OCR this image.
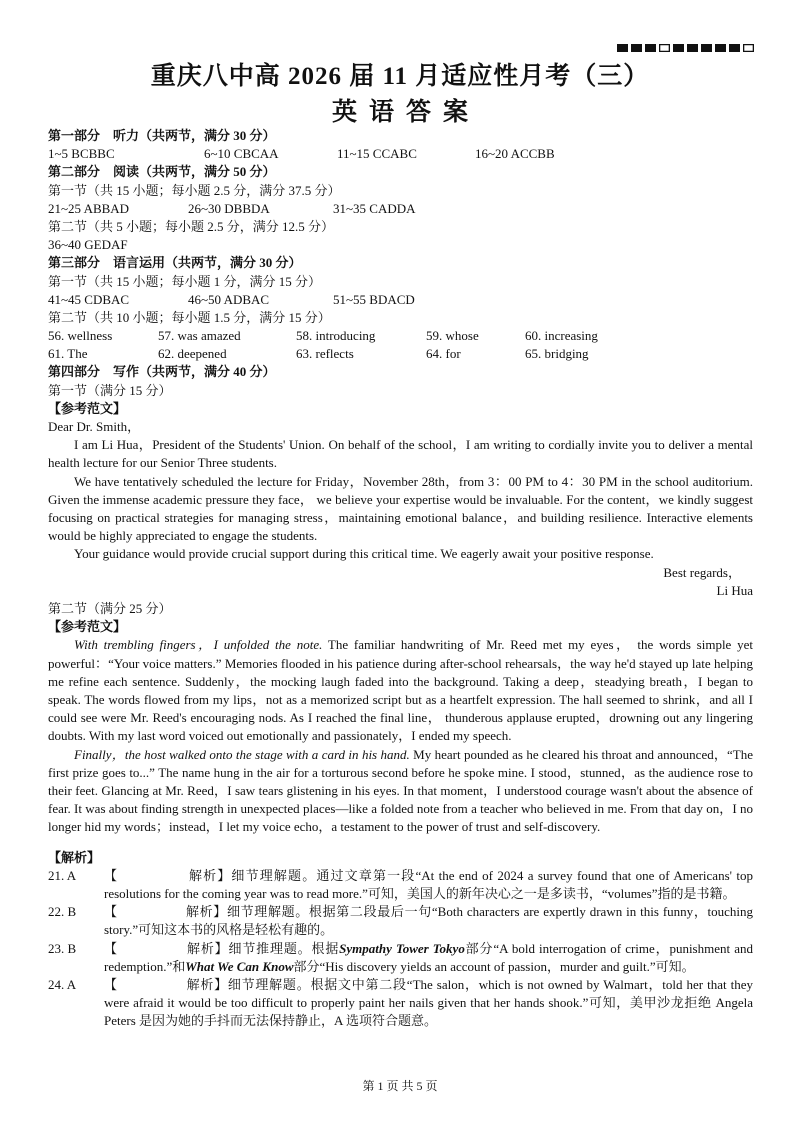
重庆八中高 2026 届 11 月适应性月考（三）
英语答案
第一部分　听力（共两节，满分 30 分）
1~5 BCBBC	6~10 CBCAA	11~15 CCABC	16~20 ACCBB
第二部分　阅读（共两节，满分 50 分）
第一节（共 15 小题；每小题 2.5 分，满分 37.5 分）
21~25 ABBAD	26~30 DBBDA	31~35 CADDA
第二节（共 5 小题；每小题 2.5 分，满分 12.5 分）
36~40 GEDAF
第三部分　语言运用（共两节，满分 30 分）
第一节（共 15 小题；每小题 1 分，满分 15 分）
41~45 CDBAC	46~50 ADBAC	51~55 BDACD
第二节（共 10 小题；每小题 1.5 分，满分 15 分）
56. wellness	57. was amazed	58. introducing	59. whose	60. increasing
61. The	62. deepened	63. reflects	64. for	65. bridging
第四部分　写作（共两节，满分 40 分）
第一节（满分 15 分）
【参考范文】

Dear Dr. Smith，

I am Li Hua，President of the Students' Union. On behalf of the school，I am writing to cordially invite you to deliver a mental health lecture for our Senior Three students.

We have tentatively scheduled the lecture for Friday，November 28th，from 3：00 PM to 4：30 PM in the school auditorium. Given the immense academic pressure they face， we believe your expertise would be invaluable. For the content，we kindly suggest focusing on practical strategies for managing stress，maintaining emotional balance，and building resilience. Interactive elements would be highly appreciated to engage the students.

Your guidance would provide crucial support during this critical time. We eagerly await your positive response.

Best regards，
Li Hua
第二节（满分 25 分）
【参考范文】

With trembling fingers，I unfolded the note. The familiar handwriting of Mr. Reed met my eyes， the words simple yet powerful：“Your voice matters.” Memories flooded in his patience during after-school rehearsals，the way he'd stayed up late helping me refine each sentence. Suddenly，the mocking laugh faded into the background. Taking a deep，steadying breath，I began to speak. The words flowed from my lips，not as a memorized script but as a heartfelt expression. The hall seemed to shrink，and all I could see were Mr. Reed's encouraging nods. As I reached the final line， thunderous applause erupted，drowning out any lingering doubts. With my last word voiced out emotionally and passionately，I ended my speech.

Finally，the host walked onto the stage with a card in his hand. My heart pounded as he cleared his throat and announced，“The first prize goes to...” The name hung in the air for a torturous second before he spoke mine. I stood，stunned，as the audience rose to their feet. Glancing at Mr. Reed，I saw tears glistening in his eyes. In that moment，I understood courage wasn't about the absence of fear. It was about finding strength in unexpected places—like a folded note from a teacher who believed in me. From that day on，I no longer hid my words；instead，I let my voice echo，a testament to the power of trust and self-discovery.

【解析】
21. A	【　　　　　解析】细节理解题。通过文章第一段“At the end of 2024 a survey found that one of Americans' top resolutions for the coming year was to read more.”可知，美国人的新年决心之一是多读书，“volumes”指的是书籍。
22. B	【　　　　　解析】细节理解题。根据第二段最后一句“Both characters are expertly drawn in this funny，touching story.”可知这本书的风格是轻松有趣的。
23. B	【　　　　　解析】细节推理题。根据Sympathy Tower Tokyo部分“A bold interrogation of crime，punishment and redemption.”和What We Can Know部分“His discovery yields an account of passion，murder and guilt.”可知。
24. A	【　　　　　解析】细节理解题。根据文中第二段“The salon，which is not owned by Walmart，told her that they were afraid it would be too difficult to properly paint her nails given that her hands shook.”可知，美甲沙龙拒绝 Angela Peters 是因为她的手抖而无法保持静止，A 选项符合题意。
第 1 页 共 5 页
